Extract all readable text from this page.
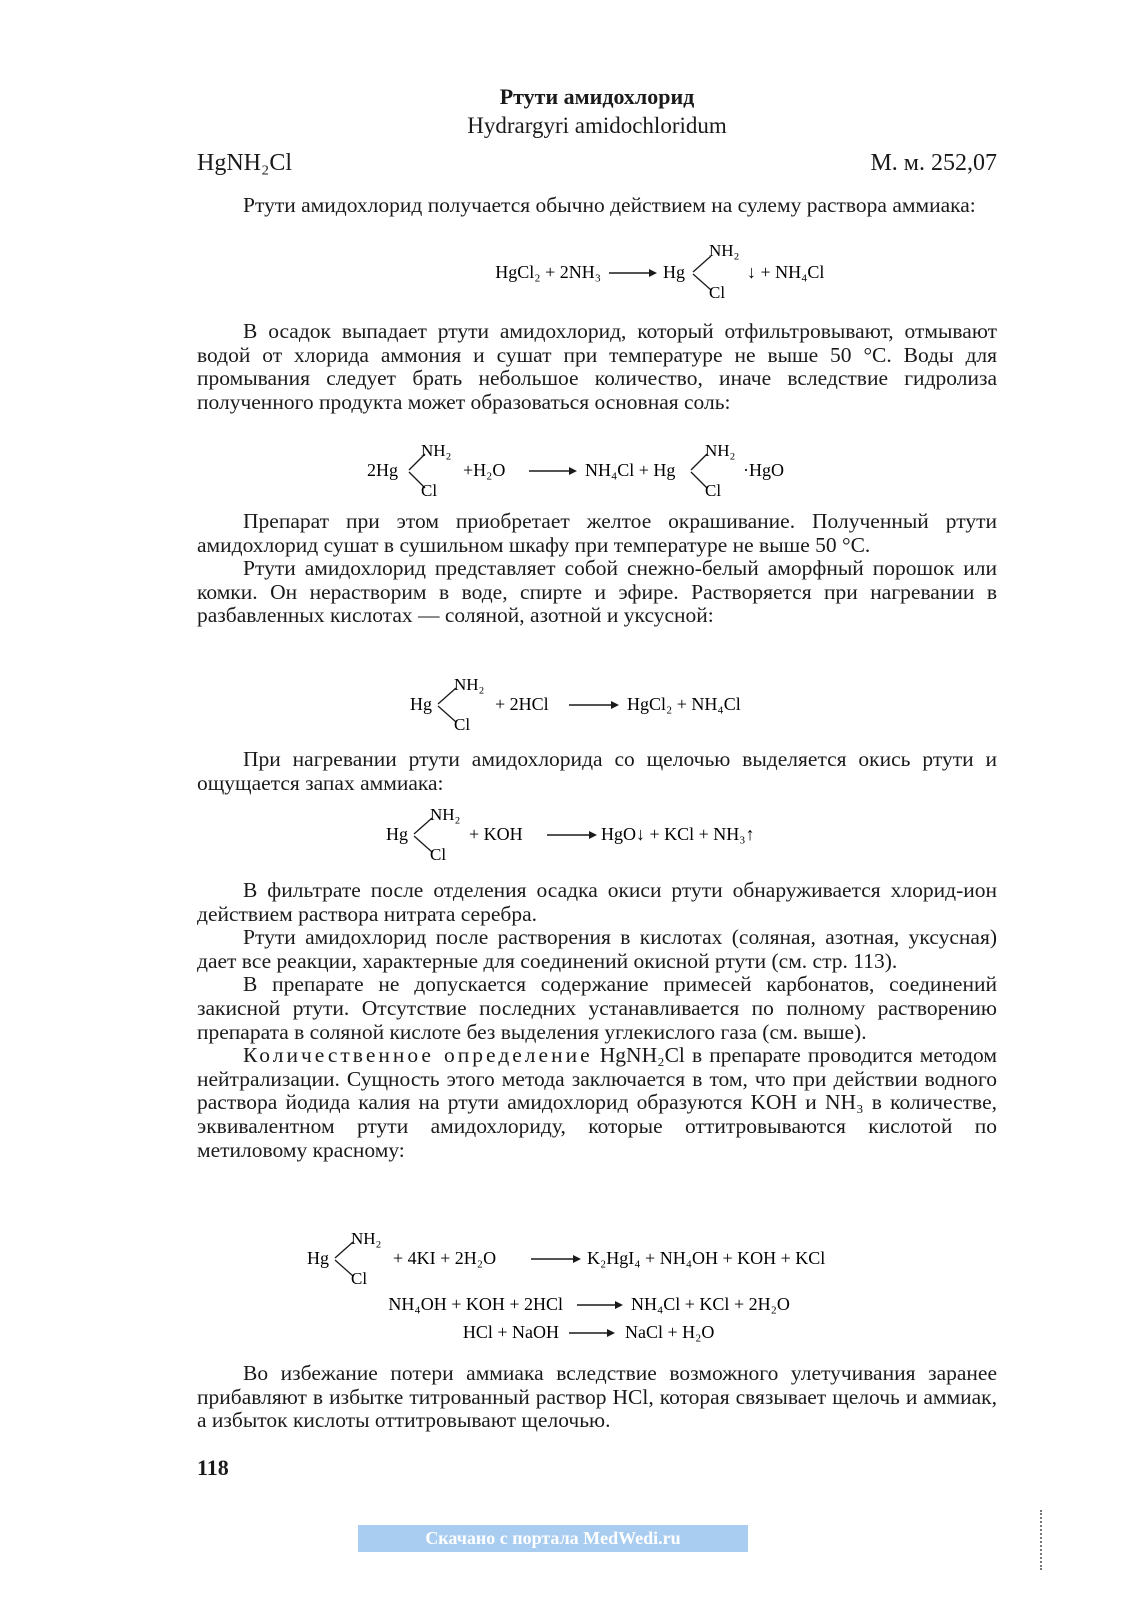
Ртути амидохлорид
Hydrargyri amidochloridum
HgNH₂Cl	М. м. 252,07

Ртути амидохлорид получается обычно действием на сулему раствора аммиака:

HgCl₂ + 2NH₃	Hg
NH₂
Cl
↓ + NH₄Cl

В осадок выпадает ртути амидохлорид, который отфильтровывают, отмывают водой от хлорида аммония и сушат при температуре не выше 50 °C. Воды для промывания следует брать небольшое количество, иначе вследствие гидролиза полученного продукта может образоваться основная соль:

2Hg
NH₂
Cl
+H₂O	NH₄Cl + Hg
NH₂
Cl
·HgO

Препарат при этом приобретает желтое окрашивание. Полученный ртути амидохлорид сушат в сушильном шкафу при температуре не выше 50 °C.

Ртути амидохлорид представляет собой снежно-белый аморфный порошок или комки. Он нерастворим в воде, спирте и эфире. Растворяется при нагревании в разбавленных кислотах — соляной, азотной и уксусной:

Hg
NH₂
Cl
+ 2HCl	HgCl₂ + NH₄Cl

При нагревании ртути амидохлорида со щелочью выделяется окись ртути и ощущается запах аммиака:

Hg
NH₂
Cl
+ KOH	HgO↓ + KCl + NH₃↑

В фильтрате после отделения осадка окиси ртути обнаруживается хлорид-ион действием раствора нитрата серебра.

Ртути амидохлорид после растворения в кислотах (соляная, азотная, уксусная) дает все реакции, характерные для соединений окисной ртути (см. стр. 113).

В препарате не допускается содержание примесей карбонатов, соединений закисной ртути. Отсутствие последних устанавливается по полному растворению препарата в соляной кислоте без выделения углекислого газа (см. выше).

Количественное определение HgNH₂Cl в препарате проводится методом нейтрализации. Сущность этого метода заключается в том, что при действии водного раствора йодида калия на ртути амидохлорид образуются KOH и NH₃ в количестве, эквивалентном ртути амидохлориду, которые оттитровываются кислотой по метиловому красному:

Hg
NH₂
Cl
+ 4KI + 2H₂O	K₂HgI₄ + NH₄OH + KOH + KCl
NH₄OH + KOH + 2HCl	NH₄Cl + KCl + 2H₂O
HCl + NaOH	NaCl + H₂O

Во избежание потери аммиака вследствие возможного улетучивания заранее прибавляют в избытке титрованный раствор HCl, которая связывает щелочь и аммиак, а избыток кислоты оттитровывают щелочью.

118
Скачано с портала MedWedi.ru
